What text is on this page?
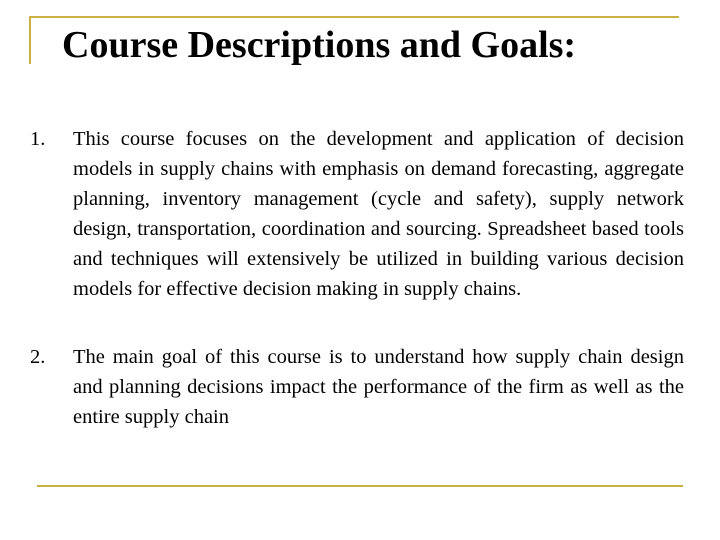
Course Descriptions and Goals:
1. This course focuses on the development and application of decision models in supply chains with emphasis on demand forecasting, aggregate planning, inventory management (cycle and safety), supply network design, transportation, coordination and sourcing. Spreadsheet based tools and techniques will extensively be utilized in building various decision models for effective decision making in supply chains.
2. The main goal of this course is to understand how supply chain design and planning decisions impact the performance of the firm as well as the entire supply chain
